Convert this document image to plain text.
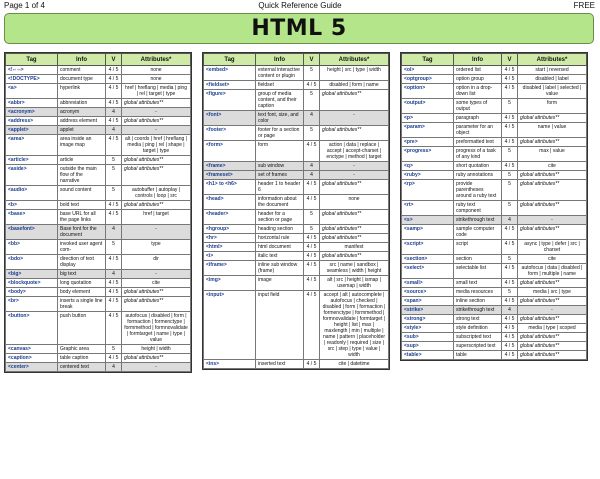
Page 1 of 4	Quick Reference Guide	FREE
HTML 5
Tag	Info	V	Attributes*
<!-- -->	comment	4 / 5	none
<!DOCTYPE>	document type	4 / 5	none
<a>	hyperlink	4 / 5	href | hreflang | media | ping | rel | target | type
<abbr>	abbreviation	4 / 5	global attributes**
<acronym>	acronym	4	-
<address>	address element	4 / 5	global attributes**
<applet>	applet	4	-
<area>	area inside an image map	4 / 5	alt | coords | href | hreflang | media | ping | rel | shape | target | type
<article>	article	5	global attributes**
<aside>	outside the main flow of the narrative	5	global attributes**
<audio>	sound content	5	autobuffer | autoplay | controls | loop | src
<b>	bold text	4 / 5	global attributes**
<base>	base URL for all the page links	4 / 5	href | target
<basefont>	Base font for the document	4	-
<bb>	invoked user agent com-	5	type
<bdo>	direction of text display	4 / 5	dir
<big>	big text	4	-
<blockquote>	long quotation	4 / 5	cite
<body>	body element	4 / 5	global attributes**
<br>	inserts a single line break	4 / 5	global attributes**
<button>	push button	4 / 5	autofocus | disabled | form | formaction | formenctype | formmethod | formnovalidate | formtarget | name | type | value
<canvas>	Graphic area	5	height | width
<caption>	table caption	4 / 5	global attributes**
<center>	centered text	4	-
Tag	Info	V	Attributes*
<embed>	external interactive content or plugin	5	height | src | type | width
<fieldset>	fieldset	4 / 5	disabled | form | name
<figure>	group of media content, and their caption	5	global attributes**
<font>	text font, size, and color	4	-
<footer>	footer for a section or page	5	global attributes**
<form>	form	4 / 5	action | data | replace | accept | accept-charset | enctype | method | target
<frame>	sub window	4	-
<frameset>	set of frames	4	-
<h1> to <h6>	header 1 to header 6	4 / 5	global attributes**
<head>	information about the document	4 / 5	none
<header>	header for a section or page	5	global attributes**
<hgroup>	heading section	5	global attributes**
<hr>	horizontal rule	4 / 5	global attributes**
<html>	html document	4 / 5	manifest
<i>	italic text	4 / 5	global attributes**
<iframe>	inline sub window (frame)	4 / 5	src | name | sandbox | seamless | width | height
<img>	image	4 / 5	alt | src | height | ismap | usemap | width
<input>	input field	4 / 5	accept | alt | autocomplete | autofocus | checked | disabled | form | formaction | formenctype | formmethod | formnovalidate | formtarget | height | list | max | maxlength | min | multiple | name | pattern | placeholder | readonly | required | size | src | step | type | value | width
<ins>	inserted text	4 / 5	cite | datetime
Tag	Info	V	Attributes*
<ol>	ordered list	4 / 5	start | reversed
<optgroup>	option group	4 / 5	disabled | label
<option>	option in a drop-down list	4 / 5	disabled | label | selected | value
<output>	some types of output	5	form
<p>	paragraph	4 / 5	global attributes**
<param>	parameter for an object	4 / 5	name | value
<pre>	preformatted text	4 / 5	global attributes**
<progress>	progress of a task of any kind	5	max | value
<q>	short quotation	4 / 5	cite
<ruby>	ruby annotations	5	global attributes**
<rp>	provide parentheses around a ruby text	5	global attributes**
<rt>	ruby text component	5	global attributes**
<s>	strikethrough text	4	-
<samp>	sample computer code	4 / 5	global attributes**
<script>	script	4 / 5	async | type | defer | src | charset
<section>	section	5	cite
<select>	selectable list	4 / 5	autofocus | data | disabled | form | multiple | name
<small>	small text	4 / 5	global attributes**
<source>	media resources	5	media | src | type
<span>	inline section	4 / 5	global attributes**
<strike>	strikethrough text	4	-
<strong>	strong text	4 / 5	global attributes**
<style>	style definition	4 / 5	media | type | scoped
<sub>	subscripted text	4 / 5	global attributes**
<sup>	superscripted text	4 / 5	global attributes**
<table>	table	4 / 5	global attributes**
